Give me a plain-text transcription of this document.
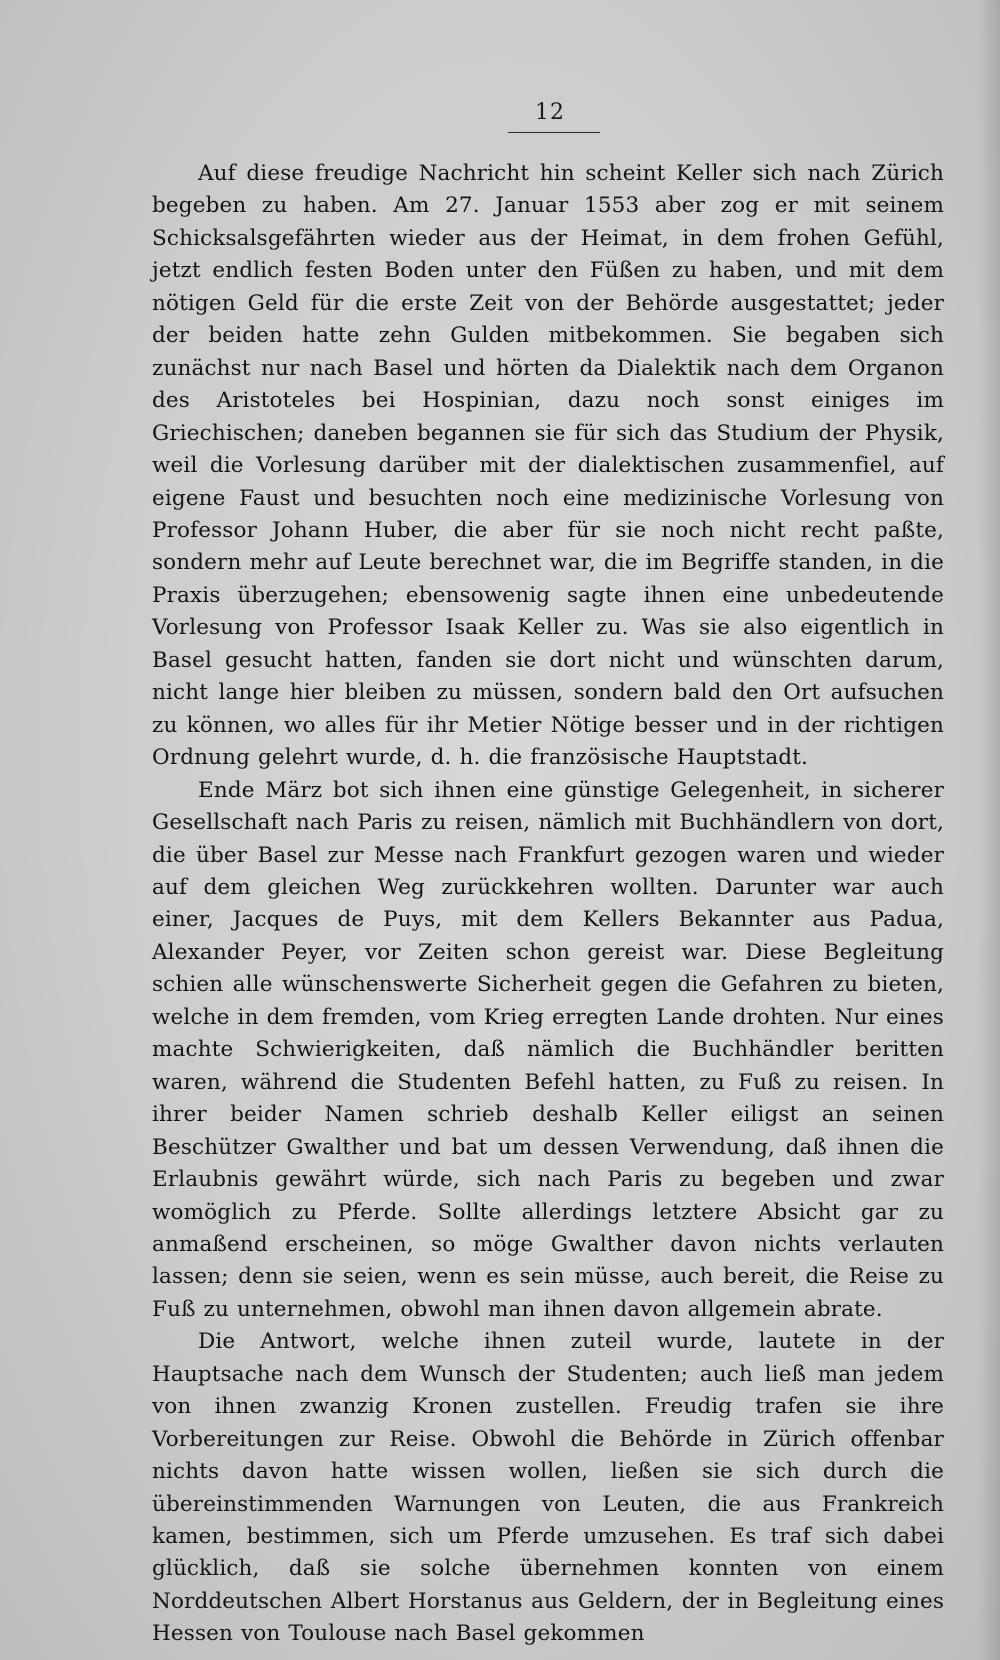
12

Auf diese freudige Nachricht hin scheint Keller sich nach Zürich begeben zu haben. Am 27. Januar 1553 aber zog er mit seinem Schicksalsgefährten wieder aus der Heimat, in dem frohen Gefühl, jetzt endlich festen Boden unter den Füßen zu haben, und mit dem nötigen Geld für die erste Zeit von der Behörde ausgestattet; jeder der beiden hatte zehn Gulden mitbekommen. Sie begaben sich zunächst nur nach Basel und hörten da Dialektik nach dem Organon des Aristoteles bei Hospinian, dazu noch sonst einiges im Griechischen; daneben begannen sie für sich das Studium der Physik, weil die Vorlesung darüber mit der dialektischen zusammenfiel, auf eigene Faust und besuchten noch eine medizinische Vorlesung von Professor Johann Huber, die aber für sie noch nicht recht paßte, sondern mehr auf Leute berechnet war, die im Begriffe standen, in die Praxis überzugehen; ebensowenig sagte ihnen eine unbedeutende Vorlesung von Professor Isaak Keller zu. Was sie also eigentlich in Basel gesucht hatten, fanden sie dort nicht und wünschten darum, nicht lange hier bleiben zu müssen, sondern bald den Ort aufsuchen zu können, wo alles für ihr Metier Nötige besser und in der richtigen Ordnung gelehrt wurde, d. h. die französische Hauptstadt.

Ende März bot sich ihnen eine günstige Gelegenheit, in sicherer Gesellschaft nach Paris zu reisen, nämlich mit Buchhändlern von dort, die über Basel zur Messe nach Frankfurt gezogen waren und wieder auf dem gleichen Weg zurückkehren wollten. Darunter war auch einer, Jacques de Puys, mit dem Kellers Bekannter aus Padua, Alexander Peyer, vor Zeiten schon gereist war. Diese Begleitung schien alle wünschenswerte Sicherheit gegen die Gefahren zu bieten, welche in dem fremden, vom Krieg erregten Lande drohten. Nur eines machte Schwierigkeiten, daß nämlich die Buchhändler beritten waren, während die Studenten Befehl hatten, zu Fuß zu reisen. In ihrer beider Namen schrieb deshalb Keller eiligst an seinen Beschützer Gwalther und bat um dessen Verwendung, daß ihnen die Erlaubnis gewährt würde, sich nach Paris zu begeben und zwar womöglich zu Pferde. Sollte allerdings letztere Absicht gar zu anmaßend erscheinen, so möge Gwalther davon nichts verlauten lassen; denn sie seien, wenn es sein müsse, auch bereit, die Reise zu Fuß zu unternehmen, obwohl man ihnen davon allgemein abrate.

Die Antwort, welche ihnen zuteil wurde, lautete in der Hauptsache nach dem Wunsch der Studenten; auch ließ man jedem von ihnen zwanzig Kronen zustellen. Freudig trafen sie ihre Vorbereitungen zur Reise. Obwohl die Behörde in Zürich offenbar nichts davon hatte wissen wollen, ließen sie sich durch die übereinstimmenden Warnungen von Leuten, die aus Frankreich kamen, bestimmen, sich um Pferde umzusehen. Es traf sich dabei glücklich, daß sie solche übernehmen konnten von einem Norddeutschen Albert Horstanus aus Geldern, der in Begleitung eines Hessen von Toulouse nach Basel gekommen
